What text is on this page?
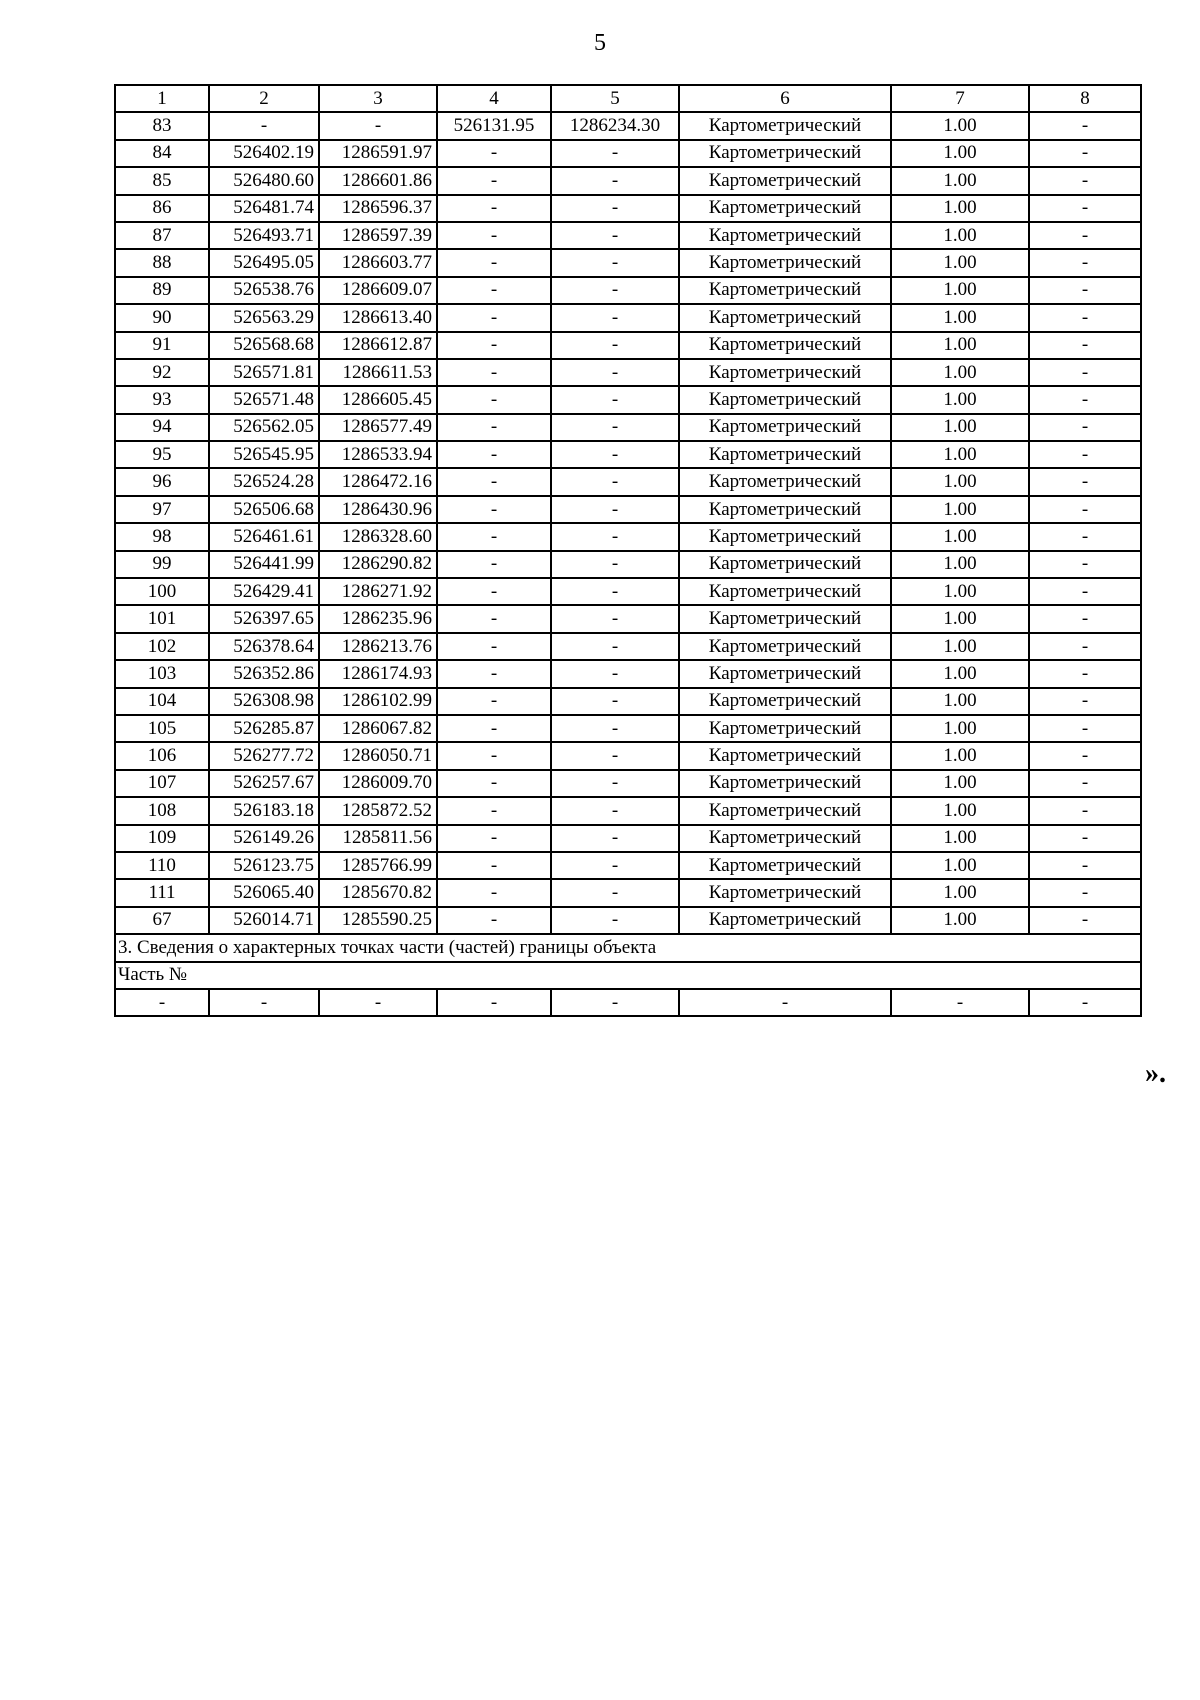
5
1	2	3	4	5	6	7	8
83	-	-	526131.95	1286234.30	Картометрический	1.00	-
84	526402.19	1286591.97	-	-	Картометрический	1.00	-
85	526480.60	1286601.86	-	-	Картометрический	1.00	-
86	526481.74	1286596.37	-	-	Картометрический	1.00	-
87	526493.71	1286597.39	-	-	Картометрический	1.00	-
88	526495.05	1286603.77	-	-	Картометрический	1.00	-
89	526538.76	1286609.07	-	-	Картометрический	1.00	-
90	526563.29	1286613.40	-	-	Картометрический	1.00	-
91	526568.68	1286612.87	-	-	Картометрический	1.00	-
92	526571.81	1286611.53	-	-	Картометрический	1.00	-
93	526571.48	1286605.45	-	-	Картометрический	1.00	-
94	526562.05	1286577.49	-	-	Картометрический	1.00	-
95	526545.95	1286533.94	-	-	Картометрический	1.00	-
96	526524.28	1286472.16	-	-	Картометрический	1.00	-
97	526506.68	1286430.96	-	-	Картометрический	1.00	-
98	526461.61	1286328.60	-	-	Картометрический	1.00	-
99	526441.99	1286290.82	-	-	Картометрический	1.00	-
100	526429.41	1286271.92	-	-	Картометрический	1.00	-
101	526397.65	1286235.96	-	-	Картометрический	1.00	-
102	526378.64	1286213.76	-	-	Картометрический	1.00	-
103	526352.86	1286174.93	-	-	Картометрический	1.00	-
104	526308.98	1286102.99	-	-	Картометрический	1.00	-
105	526285.87	1286067.82	-	-	Картометрический	1.00	-
106	526277.72	1286050.71	-	-	Картометрический	1.00	-
107	526257.67	1286009.70	-	-	Картометрический	1.00	-
108	526183.18	1285872.52	-	-	Картометрический	1.00	-
109	526149.26	1285811.56	-	-	Картометрический	1.00	-
110	526123.75	1285766.99	-	-	Картометрический	1.00	-
111	526065.40	1285670.82	-	-	Картометрический	1.00	-
67	526014.71	1285590.25	-	-	Картометрический	1.00	-
3. Сведения о характерных точках части (частей) границы объекта							
Часть №							
-	-	-	-	-	-	-	-
».
